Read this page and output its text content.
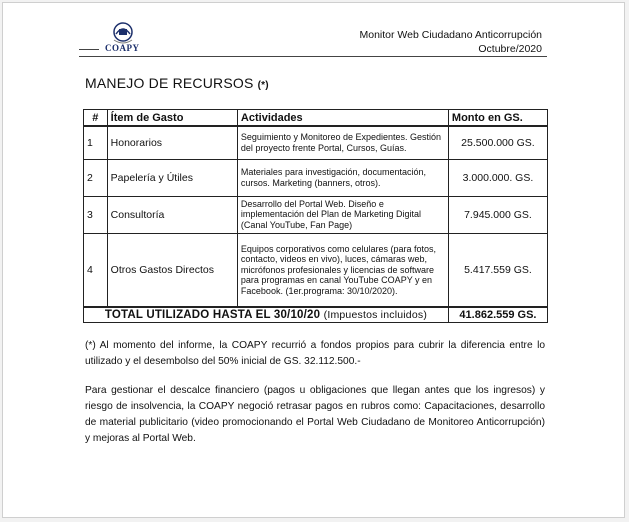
COAPY
Monitor Web Ciudadano Anticorrupción
Octubre/2020
MANEJO DE RECURSOS (*)
#	Ítem de Gasto	Actividades	Monto en GS.
1	Honorarios	Seguimiento y Monitoreo de Expedientes. Gestión del proyecto frente Portal, Cursos, Guías.	25.500.000 GS.
2	Papelería y Útiles	Materiales para investigación, documentación, cursos. Marketing (banners, otros).	3.000.000. GS.
3	Consultoría	Desarrollo del Portal Web. Diseño e implementación del Plan de Marketing Digital (Canal YouTube, Fan Page)	7.945.000 GS.
4	Otros Gastos Directos	Equipos corporativos como celulares (para fotos, contacto, videos en vivo), luces, cámaras web, micrófonos profesionales y licencias de software para programas en canal YouTube COAPY y en Facebook. (1er.programa: 30/10/2020).	5.417.559 GS.
TOTAL UTILIZADO HASTA EL 30/10/20 (Impuestos incluidos)			41.862.559 GS.
(*) Al momento del informe, la COAPY recurrió a fondos propios para cubrir la diferencia entre lo utilizado y el desembolso del 50% inicial de GS. 32.112.500.-
Para gestionar el descalce financiero (pagos u obligaciones que llegan antes que los ingresos) y riesgo de insolvencia, la COAPY negoció retrasar pagos en rubros como: Capacitaciones, desarrollo de material publicitario (video promocionando el Portal Web Ciudadano de Monitoreo Anticorrupción) y mejoras al Portal Web.
